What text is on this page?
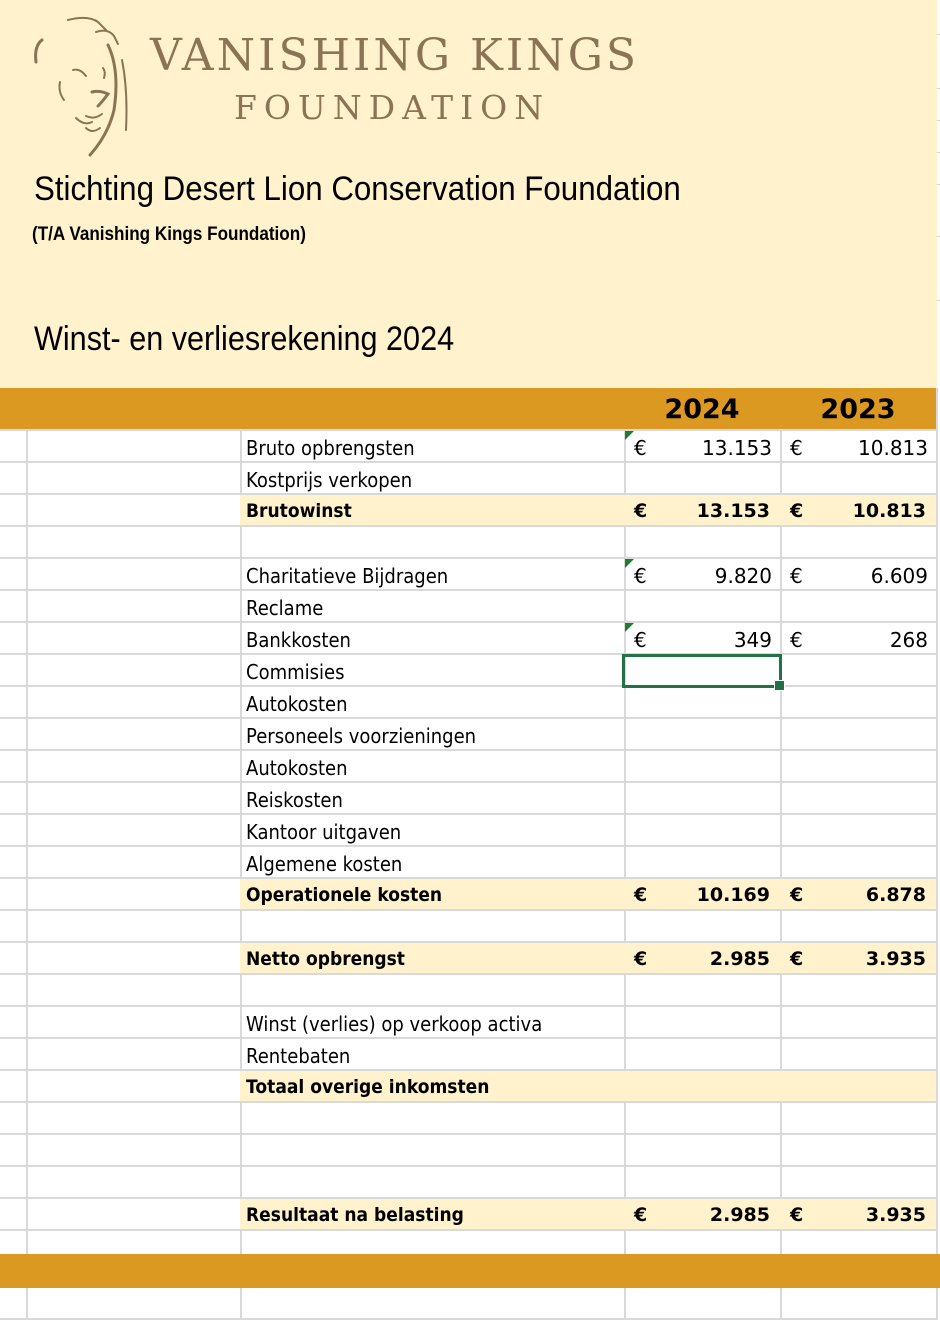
VANISHING KINGS
FOUNDATION
Stichting Desert Lion Conservation Foundation
(T/A Vanishing Kings Foundation)
Winst- en verliesrekening 2024
2024	2023
Bruto opbrengsten	€	13.153 €	10.813
Kostprijs verkopen
Brutowinst	€	13.153 €	10.813
Charitatieve Bijdragen	€	9.820 €	6.609
Reclame
Bankkosten	€	349 €	268
Commisies
Autokosten
Personeels voorzieningen
Autokosten
Reiskosten
Kantoor uitgaven
Algemene kosten
Operationele kosten	€	10.169 €	6.878
Netto opbrengst	€	2.985 €	3.935
Winst (verlies) op verkoop activa
Rentebaten
Totaal overige inkomsten
Resultaat na belasting	€	2.985 €	3.935
